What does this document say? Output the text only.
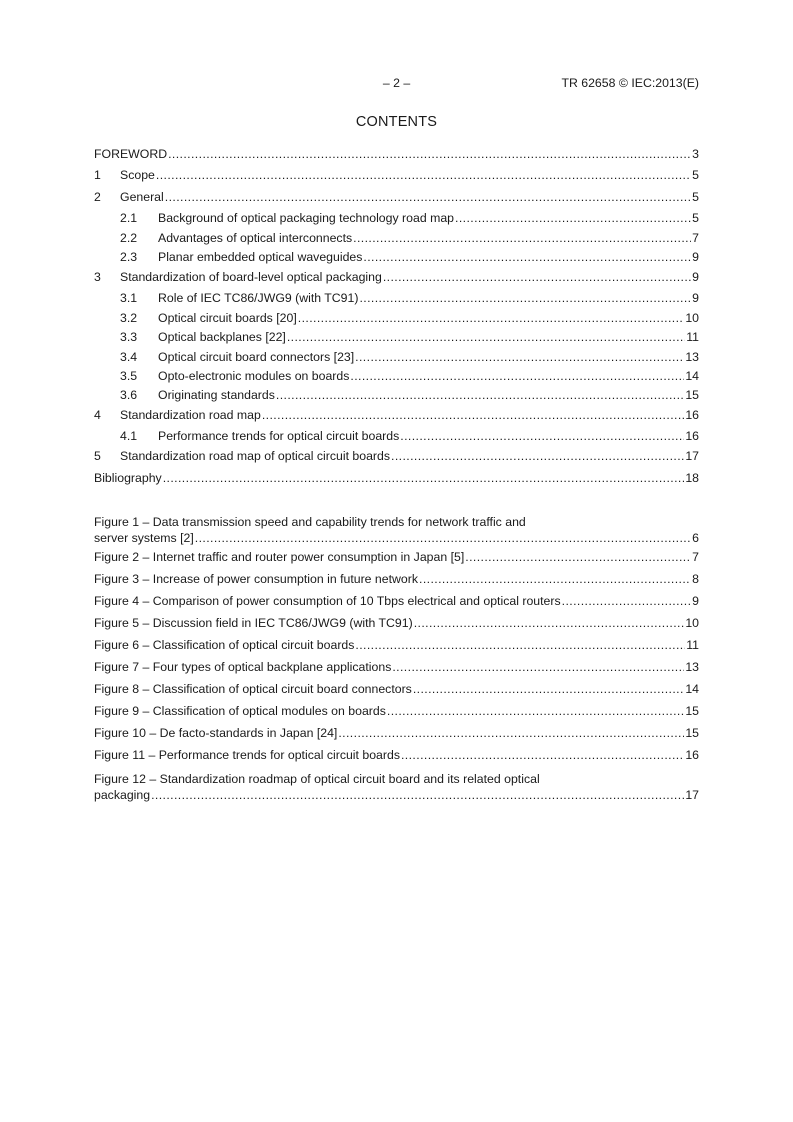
– 2 –	TR 62658 © IEC:2013(E)
CONTENTS
FOREWORD .....	3
1	Scope .....	5
2	General .....	5
2.1	Background of optical packaging technology road map .....	5
2.2	Advantages of optical interconnects .....	7
2.3	Planar embedded optical waveguides .....	9
3	Standardization of board-level optical packaging .....	9
3.1	Role of IEC TC86/JWG9 (with TC91) .....	9
3.2	Optical circuit boards [20] .....	10
3.3	Optical backplanes [22] .....	11
3.4	Optical circuit board connectors [23] .....	13
3.5	Opto-electronic modules on boards .....	14
3.6	Originating standards .....	15
4	Standardization road map .....	16
4.1	Performance trends for optical circuit boards .....	16
5	Standardization road map of optical circuit boards .....	17
Bibliography .....	18
Figure 1 – Data transmission speed and capability trends for network traffic and
server systems [2] .....	6
Figure 2 – Internet traffic and router power consumption in Japan [5] .....	7
Figure 3 – Increase of power consumption in future network .....	8
Figure 4 – Comparison of power consumption of 10 Tbps electrical and optical routers .....	9
Figure 5 – Discussion field in IEC TC86/JWG9 (with TC91) .....	10
Figure 6 – Classification of optical circuit boards .....	11
Figure 7 – Four types of optical backplane applications .....	13
Figure 8 – Classification of optical circuit board connectors .....	14
Figure 9 – Classification of optical modules on boards .....	15
Figure 10 – De facto-standards in Japan [24] .....	15
Figure 11 – Performance trends for optical circuit boards .....	16
Figure 12 – Standardization roadmap of optical circuit board and its related optical
packaging .....	17
